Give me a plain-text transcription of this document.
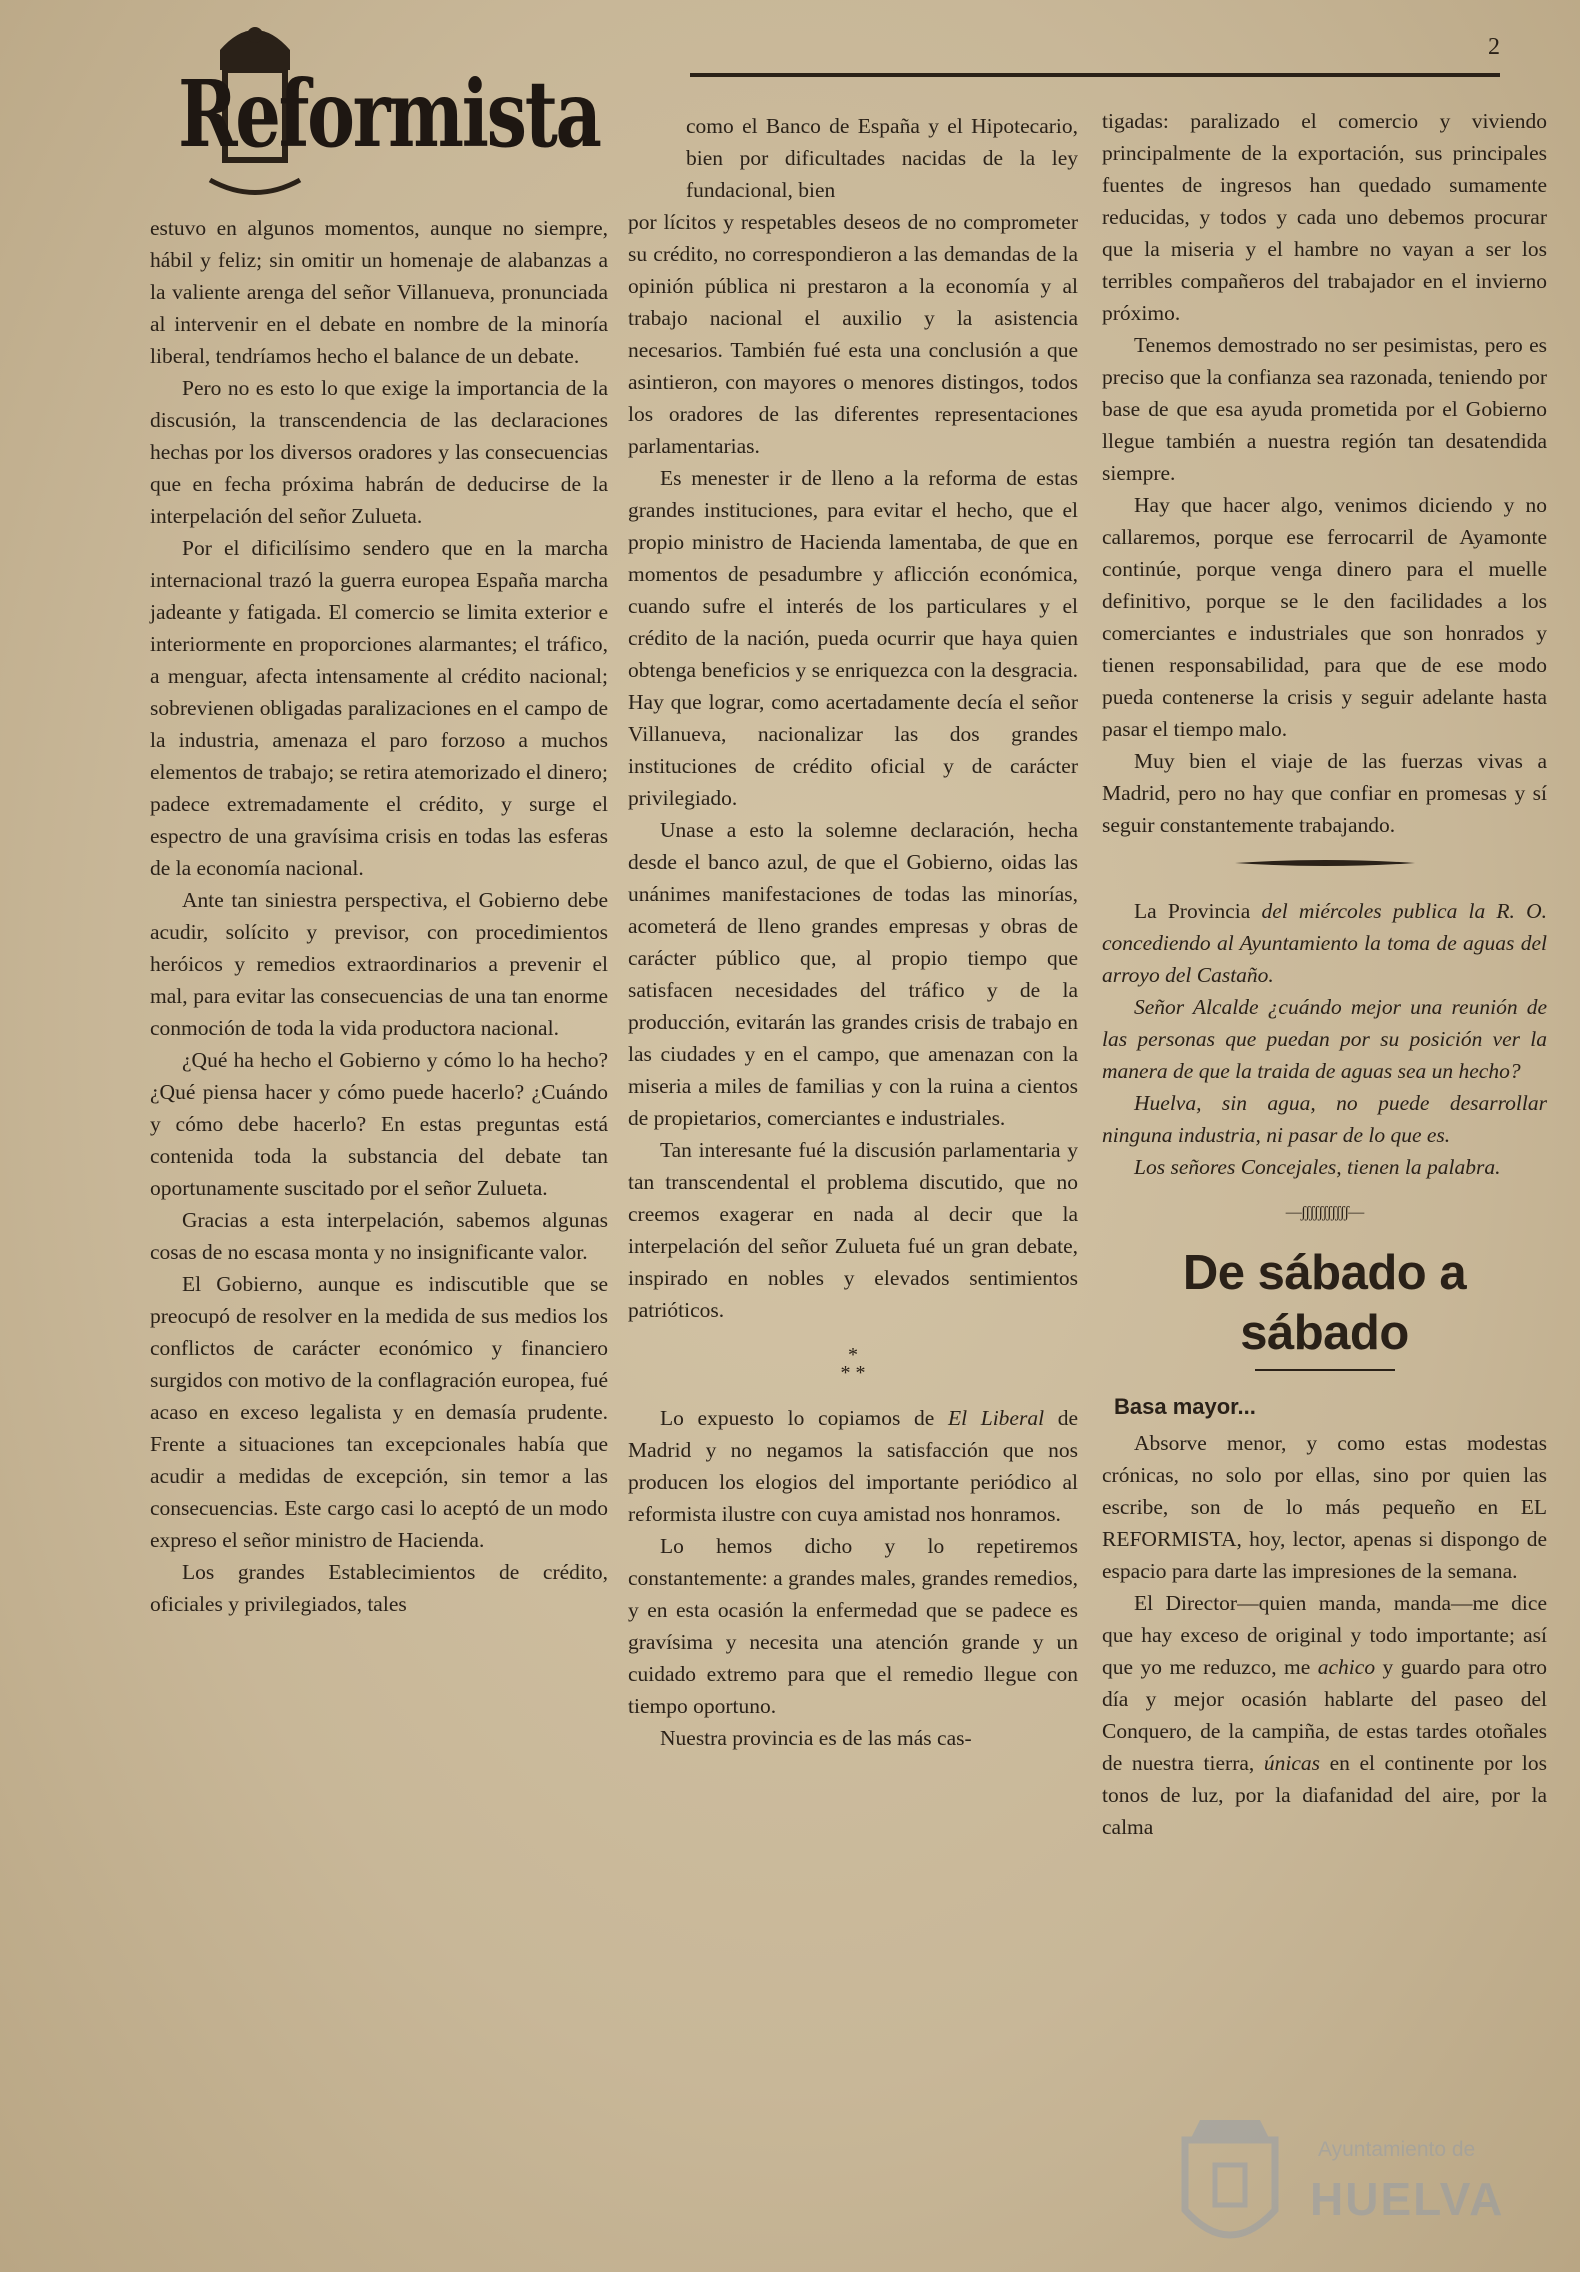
Reformista
2

estuvo en algunos momentos, aunque no siempre, hábil y feliz; sin omitir un homenaje de alabanzas a la valiente arenga del señor Villanueva, pronunciada al intervenir en el debate en nombre de la minoría liberal, tendríamos hecho el balance de un debate.

Pero no es esto lo que exige la importancia de la discusión, la transcendencia de las declaraciones hechas por los diversos oradores y las consecuencias que en fecha próxima habrán de deducirse de la interpelación del señor Zulueta.

Por el dificilísimo sendero que en la marcha internacional trazó la guerra europea España marcha jadeante y fatigada. El comercio se limita exterior e interiormente en proporciones alarmantes; el tráfico, a menguar, afecta intensamente al crédito nacional; sobrevienen obligadas paralizaciones en el campo de la industria, amenaza el paro forzoso a muchos elementos de trabajo; se retira atemorizado el dinero; padece extremadamente el crédito, y surge el espectro de una gravísima crisis en todas las esferas de la economía nacional.

Ante tan siniestra perspectiva, el Gobierno debe acudir, solícito y previsor, con procedimientos heróicos y remedios extraordinarios a prevenir el mal, para evitar las consecuencias de una tan enorme conmoción de toda la vida productora nacional.

¿Qué ha hecho el Gobierno y cómo lo ha hecho? ¿Qué piensa hacer y cómo puede hacerlo? ¿Cuándo y cómo debe hacerlo? En estas preguntas está contenida toda la substancia del debate tan oportunamente suscitado por el señor Zulueta.

Gracias a esta interpelación, sabemos algunas cosas de no escasa monta y no insignificante valor.

El Gobierno, aunque es indiscutible que se preocupó de resolver en la medida de sus medios los conflictos de carácter económico y financiero surgidos con motivo de la conflagración europea, fué acaso en exceso legalista y en demasía prudente. Frente a situaciones tan excepcionales había que acudir a medidas de excepción, sin temor a las consecuencias. Este cargo casi lo aceptó de un modo expreso el señor ministro de Hacienda.

Los grandes Establecimientos de crédito, oficiales y privilegiados, tales

como el Banco de España y el Hipotecario, bien por dificultades nacidas de la ley fundacional, bien

por lícitos y respetables deseos de no comprometer su crédito, no correspondieron a las demandas de la opinión pública ni prestaron a la economía y al trabajo nacional el auxilio y la asistencia necesarios. También fué esta una conclusión a que asintieron, con mayores o menores distingos, todos los oradores de las diferentes representaciones parlamentarias.

Es menester ir de lleno a la reforma de estas grandes instituciones, para evitar el hecho, que el propio ministro de Hacienda lamentaba, de que en momentos de pesadumbre y aflicción económica, cuando sufre el interés de los particulares y el crédito de la nación, pueda ocurrir que haya quien obtenga beneficios y se enriquezca con la desgracia. Hay que lograr, como acertadamente decía el señor Villanueva, nacionalizar las dos grandes instituciones de crédito oficial y de carácter privilegiado.

Unase a esto la solemne declaración, hecha desde el banco azul, de que el Gobierno, oidas las unánimes manifestaciones de todas las minorías, acometerá de lleno grandes empresas y obras de carácter público que, al propio tiempo que satisfacen necesidades del tráfico y de la producción, evitarán las grandes crisis de trabajo en las ciudades y en el campo, que amenazan con la miseria a miles de familias y con la ruina a cientos de propietarios, comerciantes e industriales.

Tan interesante fué la discusión parlamentaria y tan transcendental el problema discutido, que no creemos exagerar en nada al decir que la interpelación del señor Zulueta fué un gran debate, inspirado en nobles y elevados sentimientos patrióticos.

*
* *

Lo expuesto lo copiamos de El Liberal de Madrid y no negamos la satisfacción que nos producen los elogios del importante periódico al reformista ilustre con cuya amistad nos honramos.

Lo hemos dicho y lo repetiremos constantemente: a grandes males, grandes remedios, y en esta ocasión la enfermedad que se padece es gravísima y necesita una atención grande y un cuidado extremo para que el remedio llegue con tiempo oportuno.

Nuestra provincia es de las más cas-

tigadas: paralizado el comercio y viviendo principalmente de la exportación, sus principales fuentes de ingresos han quedado sumamente reducidas, y todos y cada uno debemos procurar que la miseria y el hambre no vayan a ser los terribles compañeros del trabajador en el invierno próximo.

Tenemos demostrado no ser pesimistas, pero es preciso que la confianza sea razonada, teniendo por base de que esa ayuda prometida por el Gobierno llegue también a nuestra región tan desatendida siempre.

Hay que hacer algo, venimos diciendo y no callaremos, porque ese ferrocarril de Ayamonte continúe, porque venga dinero para el muelle definitivo, porque se le den facilidades a los comerciantes e industriales que son honrados y tienen responsabilidad, para que de ese modo pueda contenerse la crisis y seguir adelante hasta pasar el tiempo malo.

Muy bien el viaje de las fuerzas vivas a Madrid, pero no hay que confiar en promesas y sí seguir constantemente trabajando.

La Provincia del miércoles publica la R. O. concediendo al Ayuntamiento la toma de aguas del arroyo del Castaño.

Señor Alcalde ¿cuándo mejor una reunión de las personas que puedan por su posición ver la manera de que la traida de aguas sea un hecho?

Huelva, sin agua, no puede desarrollar ninguna industria, ni pasar de lo que es.

Los señores Concejales, tienen la palabra.

—ʃʃʃʃʃʃʃʃʃʃʃ—
De sábado a sábado
Basa mayor...

Absorve menor, y como estas modestas crónicas, no solo por ellas, sino por quien las escribe, son de lo más pequeño en EL REFORMISTA, hoy, lector, apenas si dispongo de espacio para darte las impresiones de la semana.

El Director—quien manda, manda—me dice que hay exceso de original y todo importante; así que yo me reduzco, me achico y guardo para otro día y mejor ocasión hablarte del paseo del Conquero, de la campiña, de estas tardes otoñales de nuestra tierra, únicas en el continente por los tonos de luz, por la diafanidad del aire, por la calma

Ayuntamiento de
HUELVA
